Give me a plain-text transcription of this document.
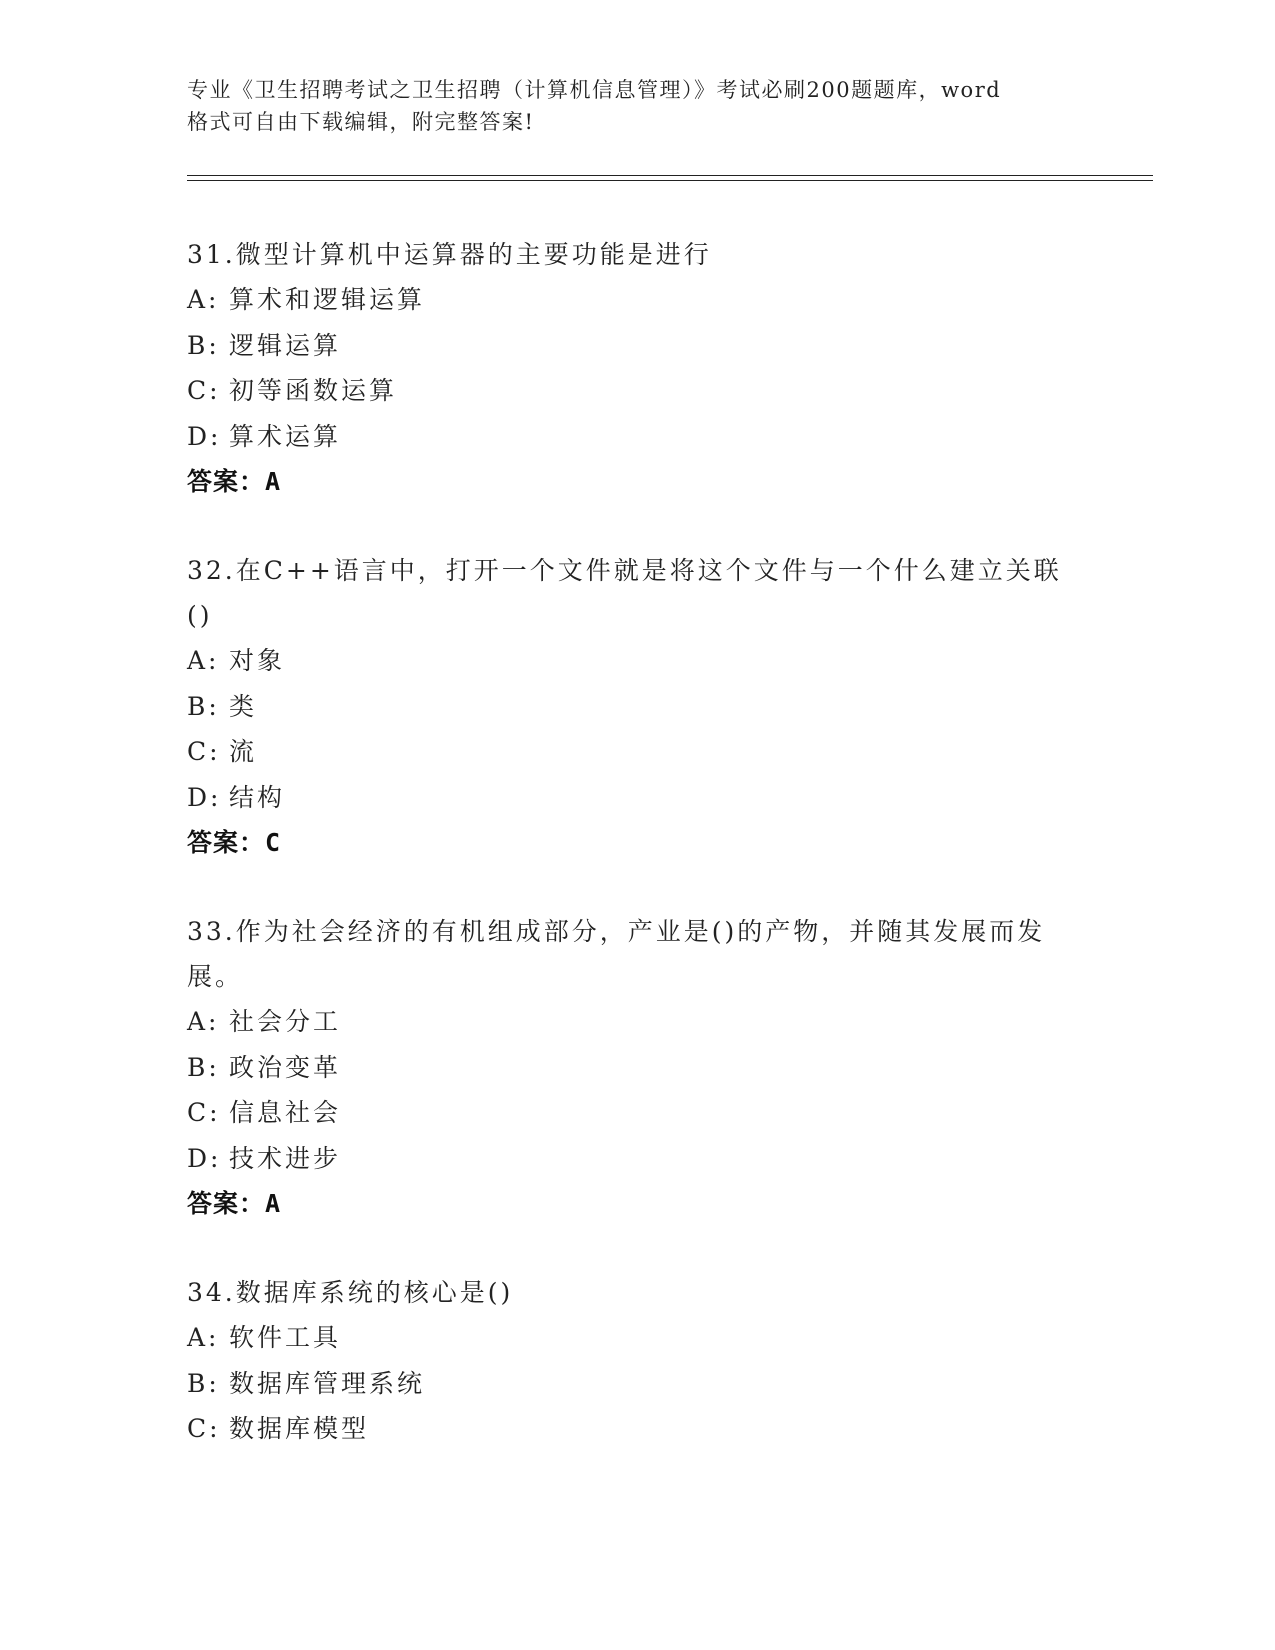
专业《卫生招聘考试之卫生招聘（计算机信息管理）》考试必刷200题题库，word
格式可自由下载编辑，附完整答案!
31.微型计算机中运算器的主要功能是进行
A: 算术和逻辑运算
B: 逻辑运算
C: 初等函数运算
D: 算术运算
答案：A
32.在C++语言中，打开一个文件就是将这个文件与一个什么建立关联()
A: 对象
B: 类
C: 流
D: 结构
答案：C
33.作为社会经济的有机组成部分，产业是()的产物，并随其发展而发展。
A: 社会分工
B: 政治变革
C: 信息社会
D: 技术进步
答案：A
34.数据库系统的核心是()
A: 软件工具
B: 数据库管理系统
C: 数据库模型
